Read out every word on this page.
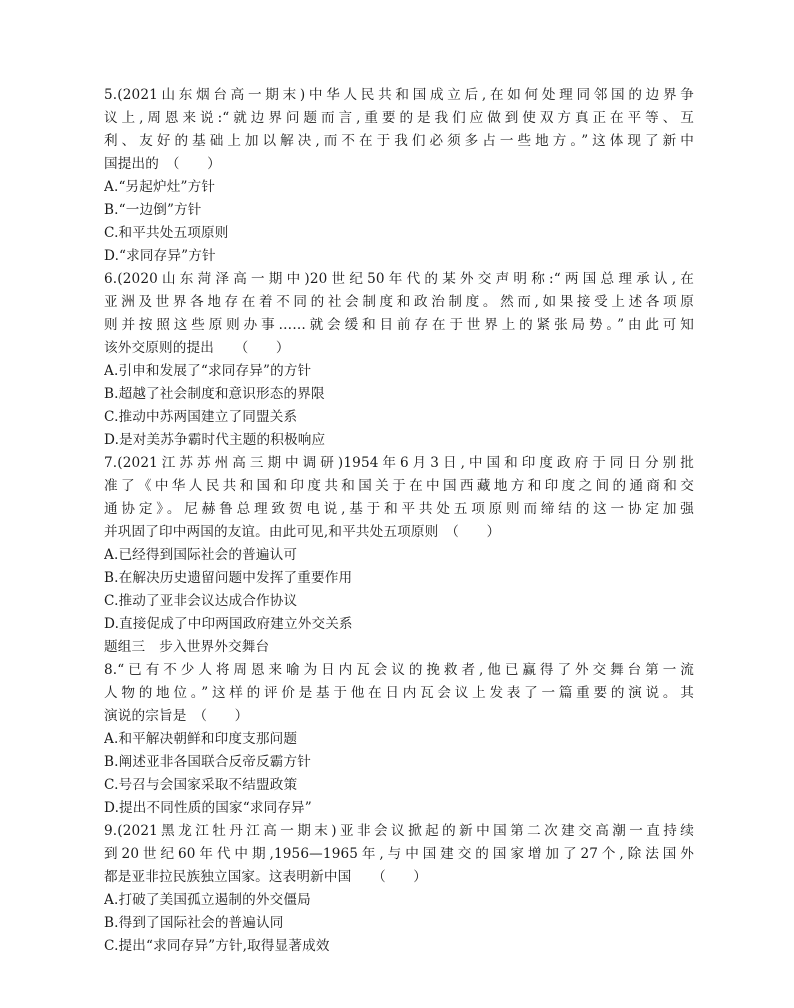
5.(2021山东烟台高一期末)中华人民共和国成立后,在如何处理同邻国的边界争
议上,周恩来说:“就边界问题而言,重要的是我们应做到使双方真正在平等、互
利、友好的基础上加以解决,而不在于我们必须多占一些地方。”这体现了新中
国提出的　（　　）
A.“另起炉灶”方针
B.“一边倒”方针
C.和平共处五项原则
D.“求同存异”方针
6.(2020山东菏泽高一期中)20世纪50年代的某外交声明称:“两国总理承认,在
亚洲及世界各地存在着不同的社会制度和政治制度。然而,如果接受上述各项原
则并按照这些原则办事……就会缓和目前存在于世界上的紧张局势。”由此可知
该外交原则的提出　　（　　）
A.引申和发展了“求同存异”的方针
B.超越了社会制度和意识形态的界限
C.推动中苏两国建立了同盟关系
D.是对美苏争霸时代主题的积极响应
7.(2021江苏苏州高三期中调研)1954年6月3日,中国和印度政府于同日分别批
准了《中华人民共和国和印度共和国关于在中国西藏地方和印度之间的通商和交
通协定》。尼赫鲁总理致贺电说,基于和平共处五项原则而缔结的这一协定加强
并巩固了印中两国的友谊。由此可见,和平共处五项原则　（　　）
A.已经得到国际社会的普遍认可
B.在解决历史遗留问题中发挥了重要作用
C.推动了亚非会议达成合作协议
D.直接促成了中印两国政府建立外交关系
题组三 步入世界外交舞台
8.“已有不少人将周恩来喻为日内瓦会议的挽救者,他已赢得了外交舞台第一流
人物的地位。”这样的评价是基于他在日内瓦会议上发表了一篇重要的演说。其
演说的宗旨是　（　　）
A.和平解决朝鲜和印度支那问题
B.阐述亚非各国联合反帝反霸方针
C.号召与会国家采取不结盟政策
D.提出不同性质的国家“求同存异”
9.(2021黑龙江牡丹江高一期末)亚非会议掀起的新中国第二次建交高潮一直持续
到20世纪60年代中期,1956—1965年,与中国建交的国家增加了27个,除法国外
都是亚非拉民族独立国家。这表明新中国　　（　　）
A.打破了美国孤立遏制的外交僵局
B.得到了国际社会的普遍认同
C.提出“求同存异”方针,取得显著成效
